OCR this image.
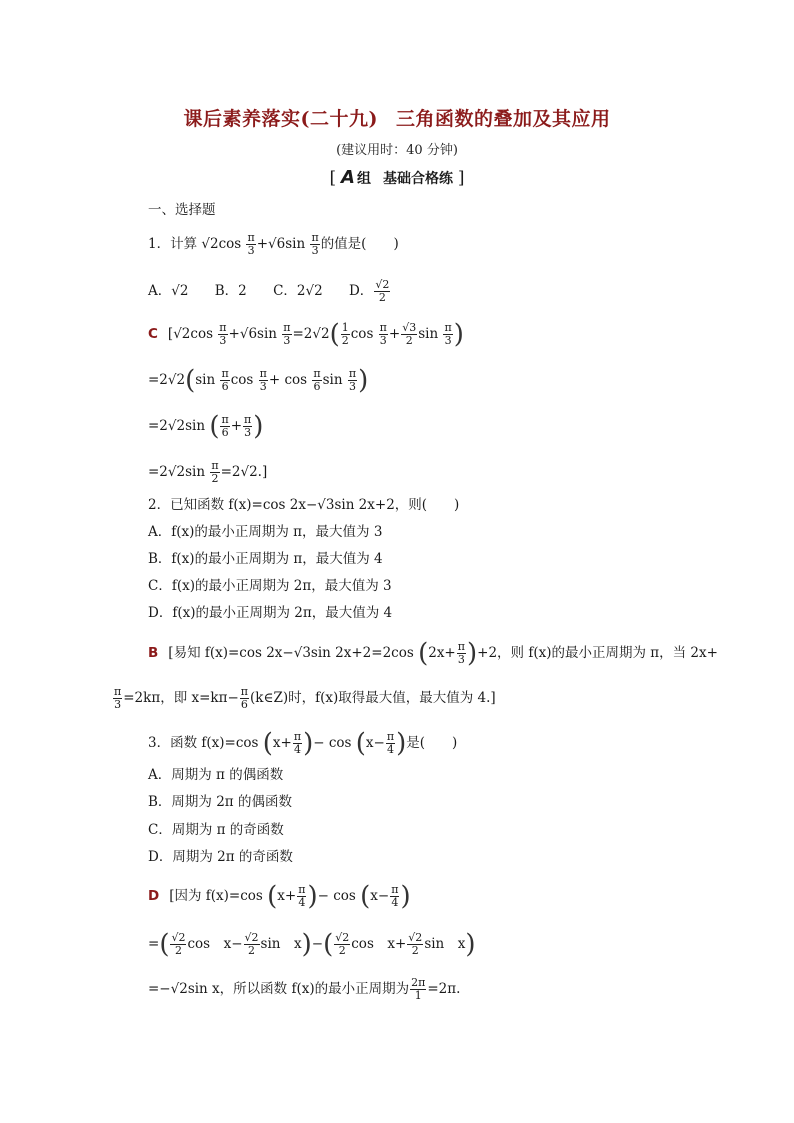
课后素养落实(二十九) 三角函数的叠加及其应用
(建议用时：40 分钟)
[ A 组 基础合格练 ]
一、选择题
1．计算 $√2\cos \frac{\pi}{3} +√6\sin \frac{\pi}{3}$ 的值是(　　)
A．√2 B．2 C．2√2 D． $\frac{√2}{2}$
C [$√2\cos \frac{\pi}{3} +√6\sin \frac{\pi}{3} =2√2( \frac{1}{2}$ $\cos \frac{\pi}{3} + \frac{√3}{2}$ $\sin \frac{\pi}{3}$ )
$=2√2(\sin \frac{\pi}{6}$ $\cos \frac{\pi}{3} + \cos \frac{\pi}{6}$ $\sin \frac{\pi}{3}$ )
=2√2sin ( $\frac{\pi}{6} + \frac{\pi}{3}$ )
$=2√2\sin \frac{\pi}{2} =2√2$.]
2．已知函数 f(x)=cos 2x−√3sin 2x+2，则(　　)
A．f(x)的最小正周期为 π，最大值为 3
B．f(x)的最小正周期为 π，最大值为 4
C．f(x)的最小正周期为 2π，最大值为 3
D．f(x)的最小正周期为 2π，最大值为 4
B [易知 f(x)=cos 2x−√3sin 2x+2=2cos $(2x+ \frac{\pi}{3} )+2$，则 f(x)的最小正周期为 π，当 2x+
$\frac{\pi}{3} =2k\pi$，即 $x=k\pi- \frac{\pi}{6}$ (k∈Z)时，f(x)取得最大值，最大值为 4.]
3．函数 f(x)=cos ($x+ \frac{\pi}{4}$ )− $\cos (x- \frac{\pi}{4}$ )是(　　)
A．周期为 π 的偶函数
B．周期为 2π 的偶函数
C．周期为 π 的奇函数
D．周期为 2π 的奇函数
D [因为 f(x)=cos ($x+ \frac{\pi}{4}$ )− $\cos (x- \frac{\pi}{4}$ )
=( $\frac{√2}{2}$ cos　$x- \frac{√2}{2}$ sin　$x)-( \frac{√2}{2}$ cos　$x+ \frac{√2}{2}$ sin　x)
=−√2sin x，所以函数 f(x)的最小正周期为 $\frac{2\pi}{1} =2\pi$.
